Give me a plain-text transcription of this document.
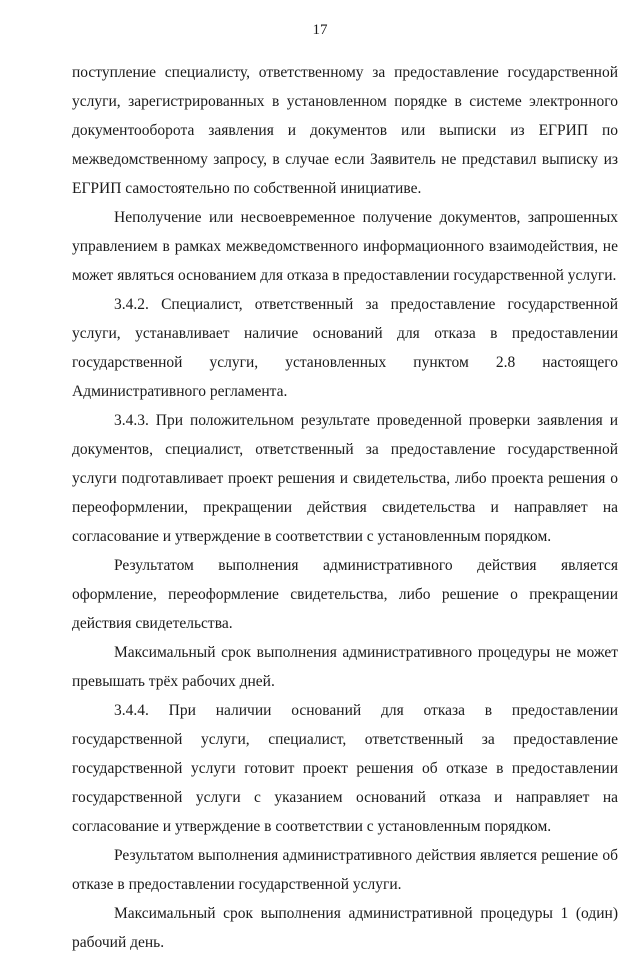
17

поступление специалисту, ответственному за предоставление государственной услуги, зарегистрированных в установленном порядке в системе электронного документооборота заявления и документов или выписки из ЕГРИП по межведомственному запросу, в случае если Заявитель не представил выписку из ЕГРИП самостоятельно по собственной инициативе.

Неполучение или несвоевременное получение документов, запрошенных управлением в рамках межведомственного информационного взаимодействия, не может являться основанием для отказа в предоставлении государственной услуги.

3.4.2. Специалист, ответственный за предоставление государственной услуги, устанавливает наличие оснований для отказа в предоставлении государственной услуги, установленных пунктом 2.8 настоящего Административного регламента.

3.4.3. При положительном результате проведенной проверки заявления и документов, специалист, ответственный за предоставление государственной услуги подготавливает проект решения и свидетельства, либо проекта решения о переоформлении, прекращении действия свидетельства и направляет на согласование и утверждение в соответствии с установленным порядком.

Результатом выполнения административного действия является оформление, переоформление свидетельства, либо решение о прекращении действия свидетельства.

Максимальный срок выполнения административного процедуры не может превышать трёх рабочих дней.

3.4.4. При наличии оснований для отказа в предоставлении государственной услуги, специалист, ответственный за предоставление государственной услуги готовит проект решения об отказе в предоставлении государственной услуги с указанием оснований отказа и направляет на согласование и утверждение в соответствии с установленным порядком.

Результатом выполнения административного действия является решение об отказе в предоставлении государственной услуги.

Максимальный срок выполнения административной процедуры 1 (один) рабочий день.
